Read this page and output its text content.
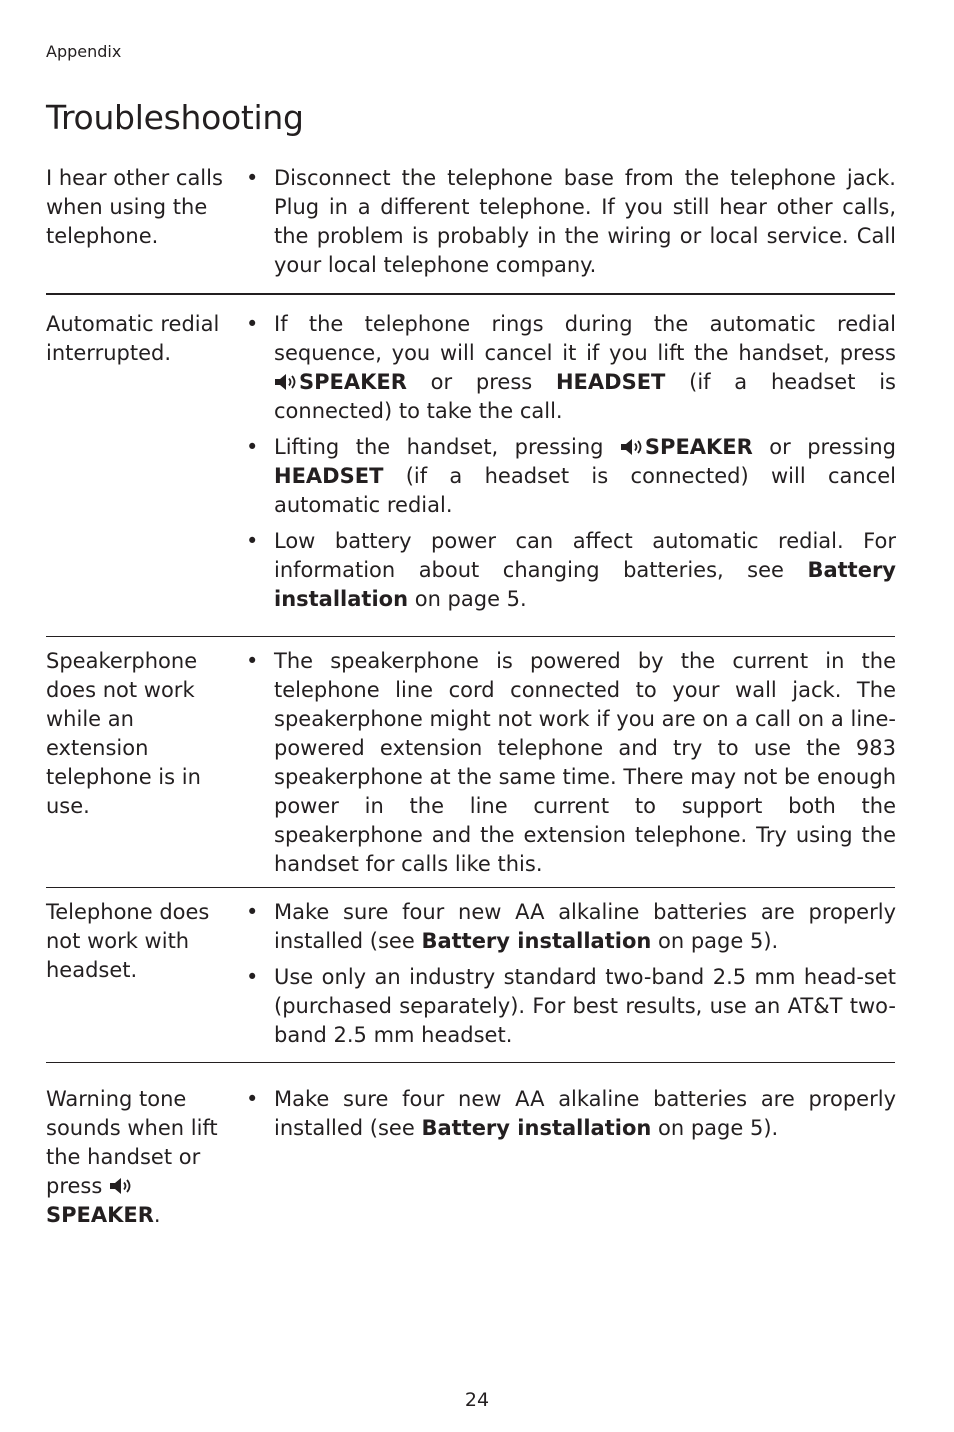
Appendix
Troubleshooting
I hear other calls when using the telephone.
• Disconnect the telephone base from the telephone jack. Plug in a different telephone. If you still hear other calls, the problem is probably in the wiring or local service. Call your local telephone company.
Automatic redial interrupted.
• If the telephone rings during the automatic redial sequence, you will cancel it if you lift the handset, press
SPEAKER or press HEADSET (if a headset is connected) to take the call.
• Lifting the handset, pressing
SPEAKER or pressing HEADSET (if a headset is connected) will cancel automatic redial.
• Low battery power can affect automatic redial. For information about changing batteries, see Battery installation on page 5.
Speakerphone does not work while an extension telephone is in use.
• The speakerphone is powered by the current in the telephone line cord connected to your wall jack. The speakerphone might not work if you are on a call on a line-powered extension telephone and try to use the 983 speakerphone at the same time. There may not be enough power in the line current to support both the speakerphone and the extension telephone. Try using the handset for calls like this.
Telephone does not work with headset.
• Make sure four new AA alkaline batteries are properly installed (see Battery installation on page 5).
• Use only an industry standard two-band 2.5 mm head-set (purchased separately). For best results, use an AT&T two-band 2.5 mm headset.
Warning tone sounds when lift the handset or press
SPEAKER.
• Make sure four new AA alkaline batteries are properly installed (see Battery installation on page 5).
24
